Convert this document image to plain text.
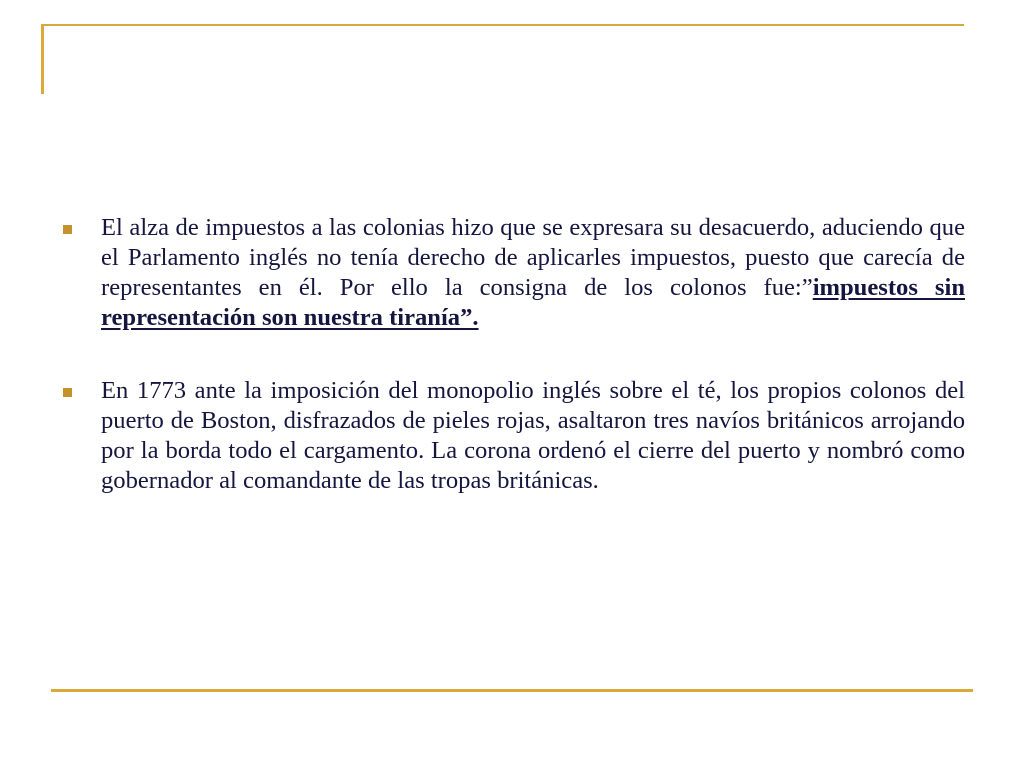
El alza de impuestos a las colonias hizo que se expresara su desacuerdo, aduciendo que el Parlamento inglés no tenía derecho de aplicarles impuestos, puesto que carecía de representantes en él. Por ello la consigna de los colonos fue:”impuestos sin representación son nuestra tiranía”.
En 1773 ante la imposición del monopolio inglés sobre el té, los propios colonos del puerto de Boston, disfrazados de pieles rojas, asaltaron tres navíos británicos arrojando por la borda todo el cargamento. La corona ordenó el cierre del puerto y nombró como gobernador al comandante de las tropas británicas.
